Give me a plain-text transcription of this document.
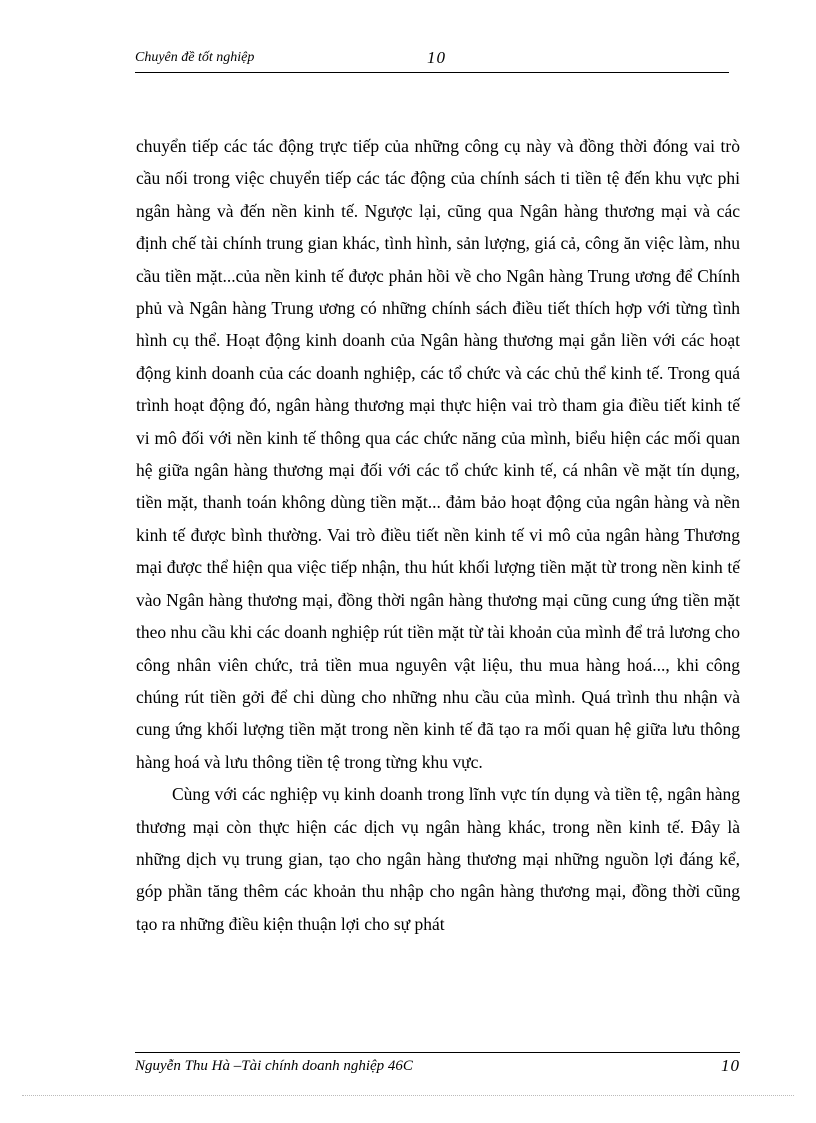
Chuyên đề tốt nghiệp	10

chuyển tiếp các tác động trực tiếp của những công cụ này và đồng thời đóng vai trò cầu nối trong việc chuyển tiếp các tác động của chính sách ti tiền tệ đến khu vực phi ngân hàng và đến nền kinh tế. Ngược lại, cũng qua Ngân hàng thương mại và các định chế tài chính trung gian khác, tình hình, sản lượng, giá cả, công ăn việc làm, nhu cầu tiền mặt...của nền kinh tế được phản hồi về cho Ngân hàng Trung ương để Chính phủ và Ngân hàng Trung ương có những chính sách điều tiết thích hợp với từng tình hình cụ thể. Hoạt động kinh doanh của Ngân hàng thương mại gắn liền với các hoạt động kinh doanh của các doanh nghiệp, các tổ chức và các chủ thể kinh tế. Trong quá trình hoạt động đó, ngân hàng thương mại thực hiện vai trò tham gia điều tiết kinh tế vi mô đối với nền kinh tế thông qua các chức năng của mình, biểu hiện các mối quan hệ giữa ngân hàng thương mại đối với các tổ chức kinh tế, cá nhân về mặt tín dụng, tiền mặt, thanh toán không dùng tiền mặt... đảm bảo hoạt động của ngân hàng và nền kinh tế được bình thường. Vai trò điều tiết nền kinh tế vi mô của ngân hàng Thương mại được thể hiện qua việc tiếp nhận, thu hút khối lượng tiền mặt từ trong nền kinh tế vào Ngân hàng thương mại, đồng thời ngân hàng thương mại cũng cung ứng tiền mặt theo nhu cầu khi các doanh nghiệp rút tiền mặt từ tài khoản của mình để trả lương cho công nhân viên chức, trả tiền mua nguyên vật liệu, thu mua hàng hoá..., khi công chúng rút tiền gởi để chi dùng cho những nhu cầu của mình. Quá trình thu nhận và cung ứng khối lượng tiền mặt trong nền kinh tế đã tạo ra mối quan hệ giữa lưu thông hàng hoá và lưu thông tiền tệ trong từng khu vực.

Cùng với các nghiệp vụ kinh doanh trong lĩnh vực tín dụng và tiền tệ, ngân hàng thương mại còn thực hiện các dịch vụ ngân hàng khác, trong nền kinh tế. Đây là những dịch vụ trung gian, tạo cho ngân hàng thương mại những nguồn lợi đáng kể, góp phần tăng thêm các khoản thu nhập cho ngân hàng thương mại, đồng thời cũng tạo ra những điều kiện thuận lợi cho sự phát

Nguyễn Thu Hà –Tài chính doanh nghiệp 46C	10
